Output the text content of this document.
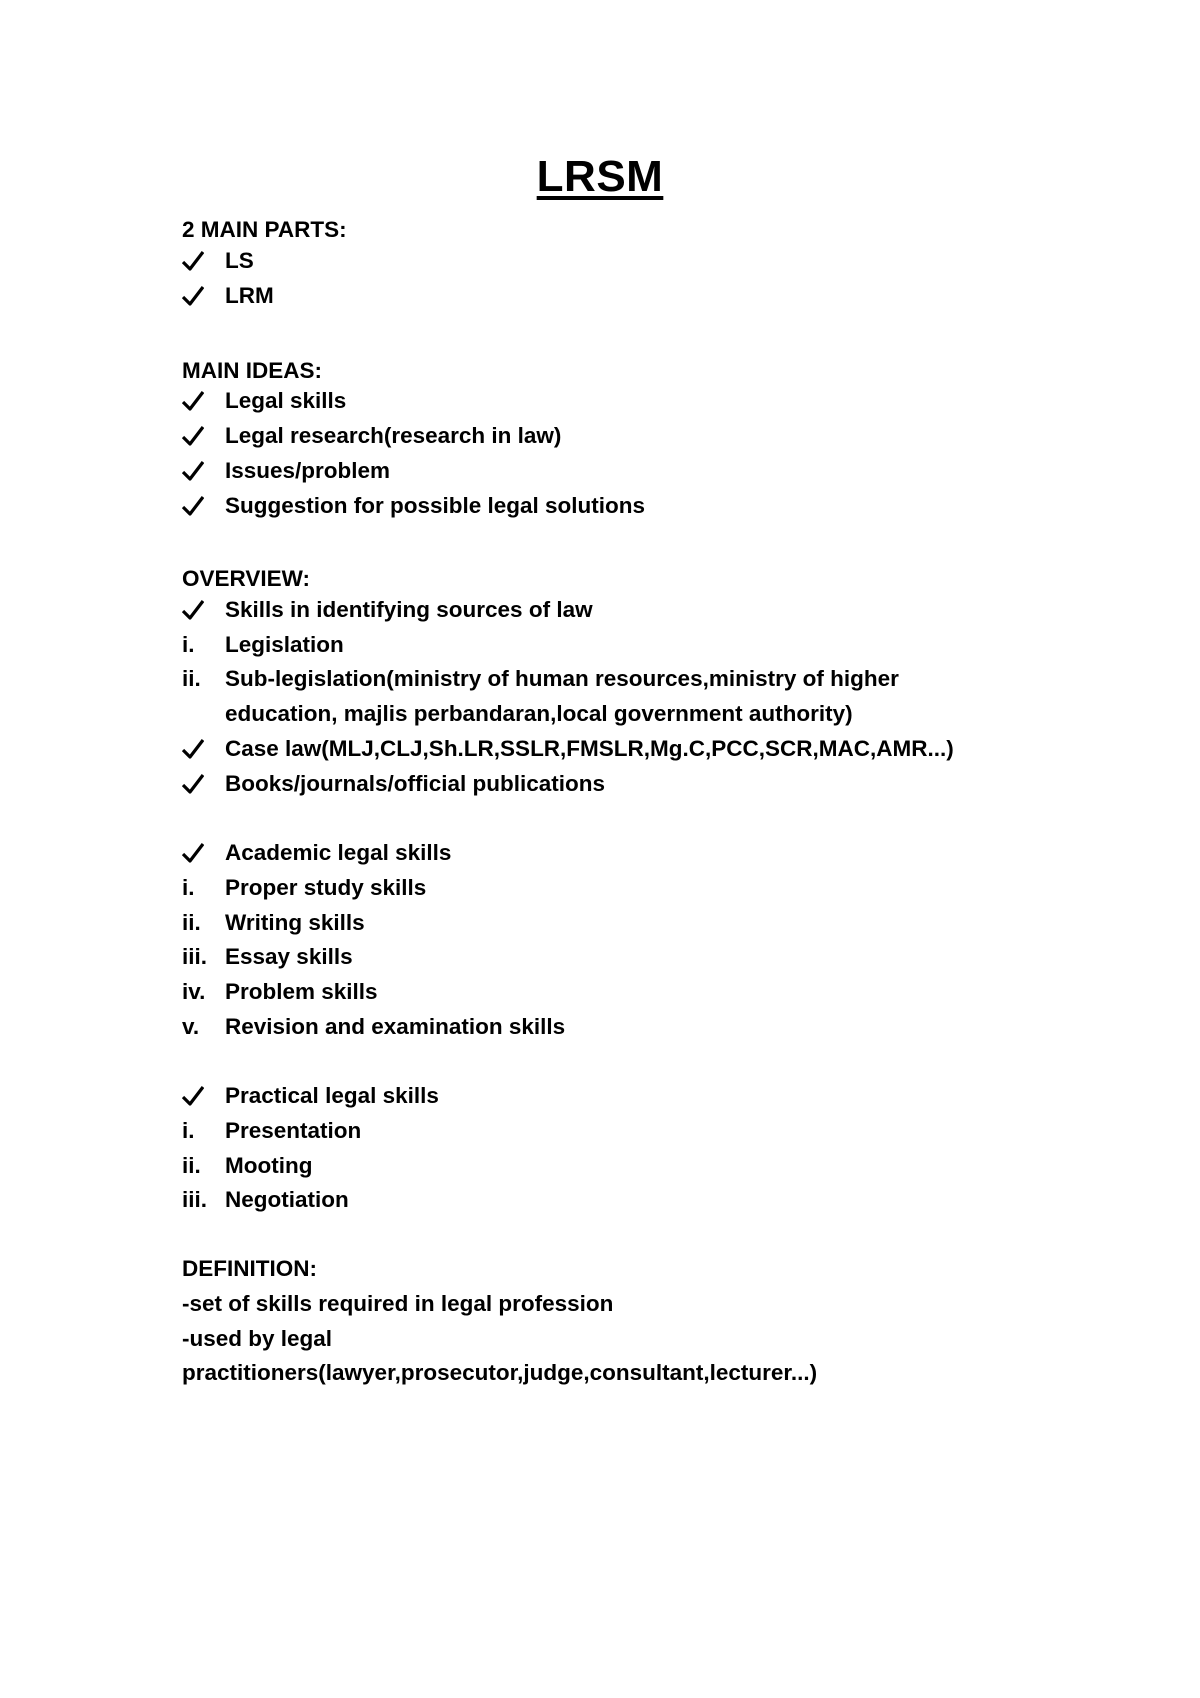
LRSM
2 MAIN PARTS:
LS
LRM
MAIN IDEAS:
Legal skills
Legal research(research in law)
Issues/problem
Suggestion for possible legal solutions
OVERVIEW:
Skills in identifying sources of law
i. Legislation
ii. Sub-legislation(ministry of human resources,ministry of higher
education, majlis perbandaran,local government authority)
Case law(MLJ,CLJ,Sh.LR,SSLR,FMSLR,Mg.C,PCC,SCR,MAC,AMR...)
Books/journals/official publications
Academic legal skills
i. Proper study skills
ii. Writing skills
iii. Essay skills
iv. Problem skills
v. Revision and examination skills
Practical legal skills
i. Presentation
ii. Mooting
iii. Negotiation
DEFINITION:
-set of skills required in legal profession
-used by legal
practitioners(lawyer,prosecutor,judge,consultant,lecturer...)
